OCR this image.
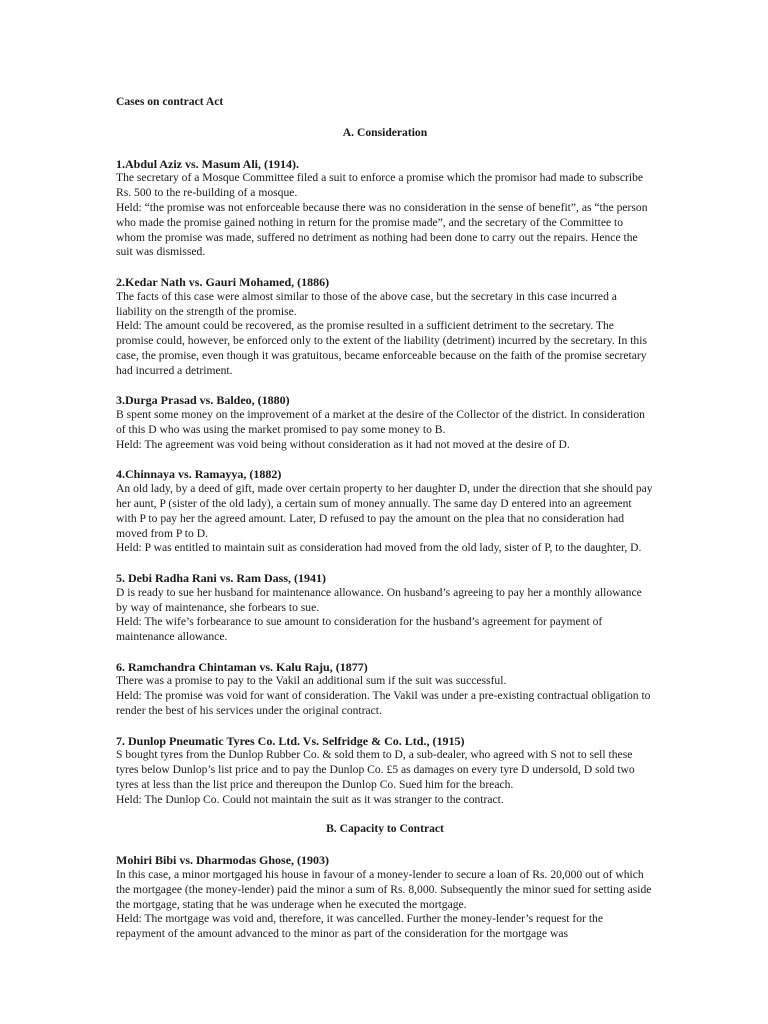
Cases on contract Act
A. Consideration
1.Abdul Aziz vs. Masum Ali, (1914).

The secretary of a Mosque Committee filed a suit to enforce a promise which the promisor had made to subscribe Rs. 500 to the re-building of a mosque.

Held: “the promise was not enforceable because there was no consideration in the sense of benefit”, as “the person who made the promise gained nothing in return for the promise made”, and the secretary of the Committee to whom the promise was made, suffered no detriment as nothing had been done to carry out the repairs. Hence the suit was dismissed.

2.Kedar Nath vs. Gauri Mohamed, (1886)

The facts of this case were almost similar to those of the above case, but the secretary in this case incurred a liability on the strength of the promise.

Held: The amount could be recovered, as the promise resulted in a sufficient detriment to the secretary. The promise could, however, be enforced only to the extent of the liability (detriment) incurred by the secretary. In this case, the promise, even though it was gratuitous, became enforceable because on the faith of the promise secretary had incurred a detriment.

3.Durga Prasad vs. Baldeo, (1880)

B spent some money on the improvement of a market at the desire of the Collector of the district. In consideration of this D who was using the market promised to pay some money to B.

Held: The agreement was void being without consideration as it had not moved at the desire of D.

4.Chinnaya vs. Ramayya, (1882)

An old lady, by a deed of gift, made over certain property to her daughter D, under the direction that she should pay her aunt, P (sister of the old lady), a certain sum of money annually. The same day D entered into an agreement with P to pay her the agreed amount. Later, D refused to pay the amount on the plea that no consideration had moved from P to D.

Held: P was entitled to maintain suit as consideration had moved from the old lady, sister of P, to the daughter, D.

5. Debi Radha Rani vs. Ram Dass, (1941)

D is ready to sue her husband for maintenance allowance. On husband’s agreeing to pay her a monthly allowance by way of maintenance, she forbears to sue.

Held: The wife’s forbearance to sue amount to consideration for the husband’s agreement for payment of maintenance allowance.

6. Ramchandra Chintaman vs. Kalu Raju, (1877)

There was a promise to pay to the Vakil an additional sum if the suit was successful.

Held: The promise was void for want of consideration. The Vakil was under a pre-existing contractual obligation to render the best of his services under the original contract.

7. Dunlop Pneumatic Tyres Co. Ltd. Vs. Selfridge & Co. Ltd., (1915)

S bought tyres from the Dunlop Rubber Co. & sold them to D, a sub-dealer, who agreed with S not to sell these tyres below Dunlop’s list price and to pay the Dunlop Co. £5 as damages on every tyre D undersold, D sold two tyres at less than the list price and thereupon the Dunlop Co. Sued him for the breach.

Held: The Dunlop Co. Could not maintain the suit as it was stranger to the contract.

B. Capacity to Contract
Mohiri Bibi vs. Dharmodas Ghose, (1903)

In this case, a minor mortgaged his house in favour of a money-lender to secure a loan of Rs. 20,000 out of which the mortgagee (the money-lender) paid the minor a sum of Rs. 8,000. Subsequently the minor sued for setting aside the mortgage, stating that he was underage when he executed the mortgage.

Held: The mortgage was void and, therefore, it was cancelled. Further the money-lender’s request for the repayment of the amount advanced to the minor as part of the consideration for the mortgage was
